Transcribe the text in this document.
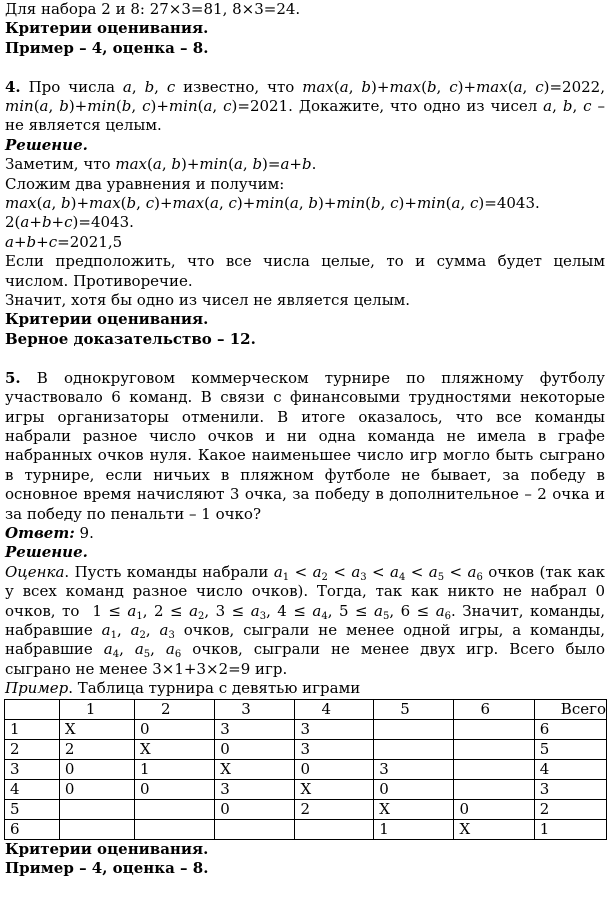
Для набора 2 и 8: 27×3=81, 8×3=24.

Критерии оценивания.

Пример – 4, оценка – 8.

4. Про числа a, b, c известно, что max(a, b)+max(b, c)+max(a, c)=2022, min(a, b)+min(b, c)+min(a, c)=2021. Докажите, что одно из чисел a, b, c – не является целым.

Решение.

Заметим, что max(a, b)+min(a, b)=a+b.

Сложим два уравнения и получим:

max(a, b)+max(b, c)+max(a, c)+min(a, b)+min(b, c)+min(a, c)=4043.

2(a+b+c)=4043.

a+b+c=2021,5

Если предположить, что все числа целые, то и сумма будет целым числом. Противоречие.

Значит, хотя бы одно из чисел не является целым.

Критерии оценивания.

Верное доказательство – 12.

5. В однокруговом коммерческом турнире по пляжному футболу участвовало 6 команд. В связи с финансовыми трудностями некоторые игры организаторы отменили. В итоге оказалось, что все команды набрали разное число очков и ни одна команда не имела в графе набранных очков нуля. Какое наименьшее число игр могло быть сыграно в турнире, если ничьих в пляжном футболе не бывает, за победу в основное время начисляют 3 очка, за победу в дополнительное – 2 очка и за победу по пенальти – 1 очко?

Ответ: 9.

Решение.

Оценка. Пусть команды набрали $a_1 < a_2 < a_3 < a_4 < a_5 < a_6$ очков (так как у всех команд разное число очков). Тогда, так как никто не набрал 0 очков, то  $1 \le a_1$, $2 \le a_2$, $3 \le a_3$, $4 \le a_4$, $5 \le a_5$, $6 \le a_6$. Значит, команды, набравшие $a_1$, $a_2$, $a_3$ очков, сыграли не менее одной игры, а команды, набравшие $a_4$, $a_5$, $a_6$ очков, сыграли не менее двух игр. Всего было сыграно не менее 3×1+3×2=9 игр.

Пример. Таблица турнира с девятью играми

	1	2	3	4	5	6	Всего
1	X	0	3	3			6
2	2	X	0	3			5
3	0	1	X	0	3		4
4	0	0	3	X	0		3
5			0	2	X	0	2
6					1	X	1

Критерии оценивания.

Пример – 4, оценка – 8.
